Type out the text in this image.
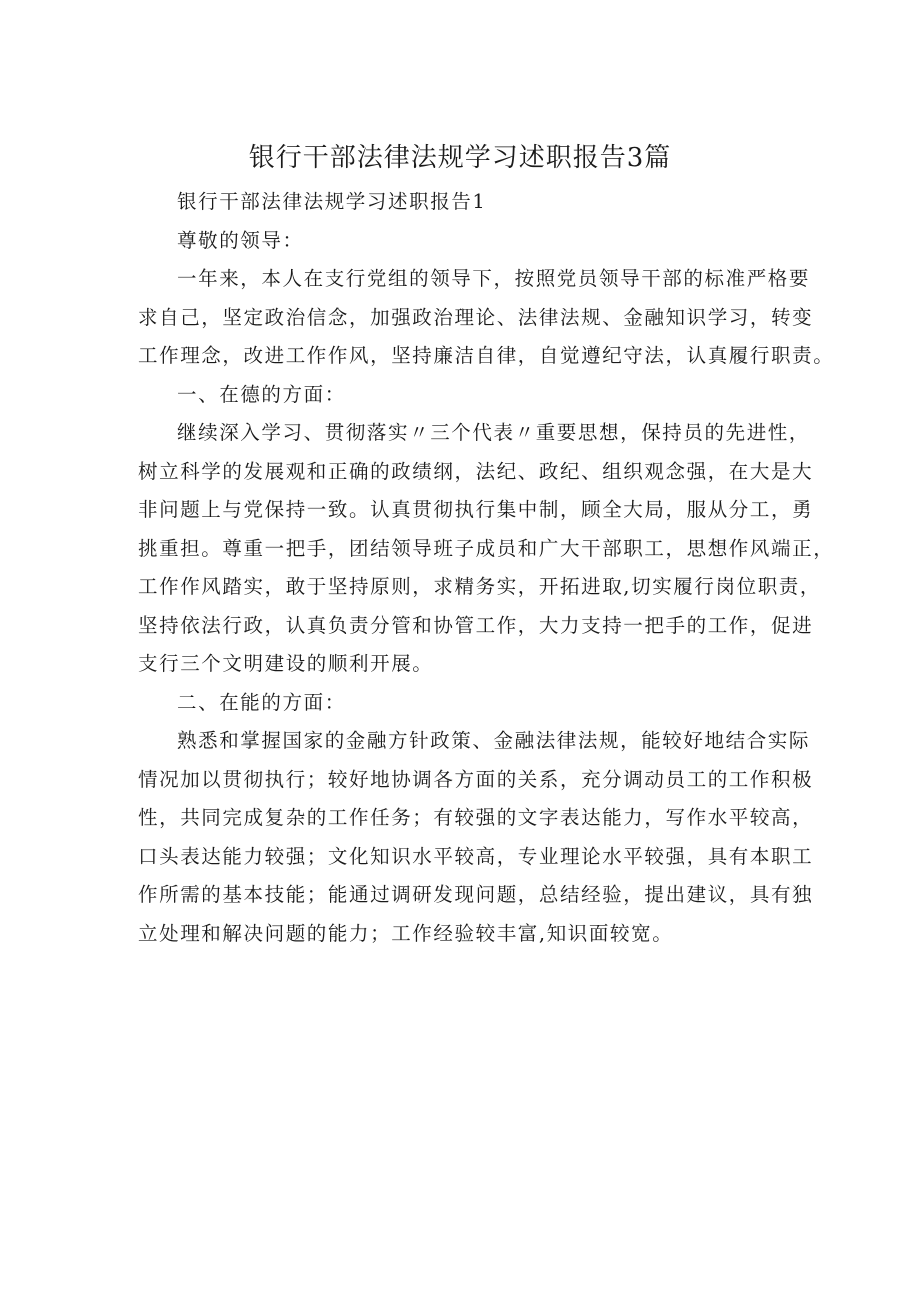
银行干部法律法规学习述职报告3篇

银行干部法律法规学习述职报告1

尊敬的领导：

一年来，本人在支行党组的领导下，按照党员领导干部的标准严格要
求自己，坚定政治信念，加强政治理论、法律法规、金融知识学习，转变
工作理念，改进工作作风，坚持廉洁自律，自觉遵纪守法，认真履行职责。

一、在德的方面：

继续深入学习、贯彻落实〃三个代表〃重要思想，保持员的先进性，
树立科学的发展观和正确的政绩纲，法纪、政纪、组织观念强，在大是大
非问题上与党保持一致。认真贯彻执行集中制，顾全大局，服从分工，勇
挑重担。尊重一把手，团结领导班子成员和广大干部职工，思想作风端正，
工作作风踏实，敢于坚持原则，求精务实，开拓进取,切实履行岗位职责，
坚持依法行政，认真负责分管和协管工作，大力支持一把手的工作，促进
支行三个文明建设的顺利开展。

二、在能的方面：

熟悉和掌握国家的金融方针政策、金融法律法规，能较好地结合实际
情况加以贯彻执行；较好地协调各方面的关系，充分调动员工的工作积极
性，共同完成复杂的工作任务；有较强的文字表达能力，写作水平较高，
口头表达能力较强；文化知识水平较高，专业理论水平较强，具有本职工
作所需的基本技能；能通过调研发现问题，总结经验，提出建议，具有独
立处理和解决问题的能力；工作经验较丰富,知识面较宽。
